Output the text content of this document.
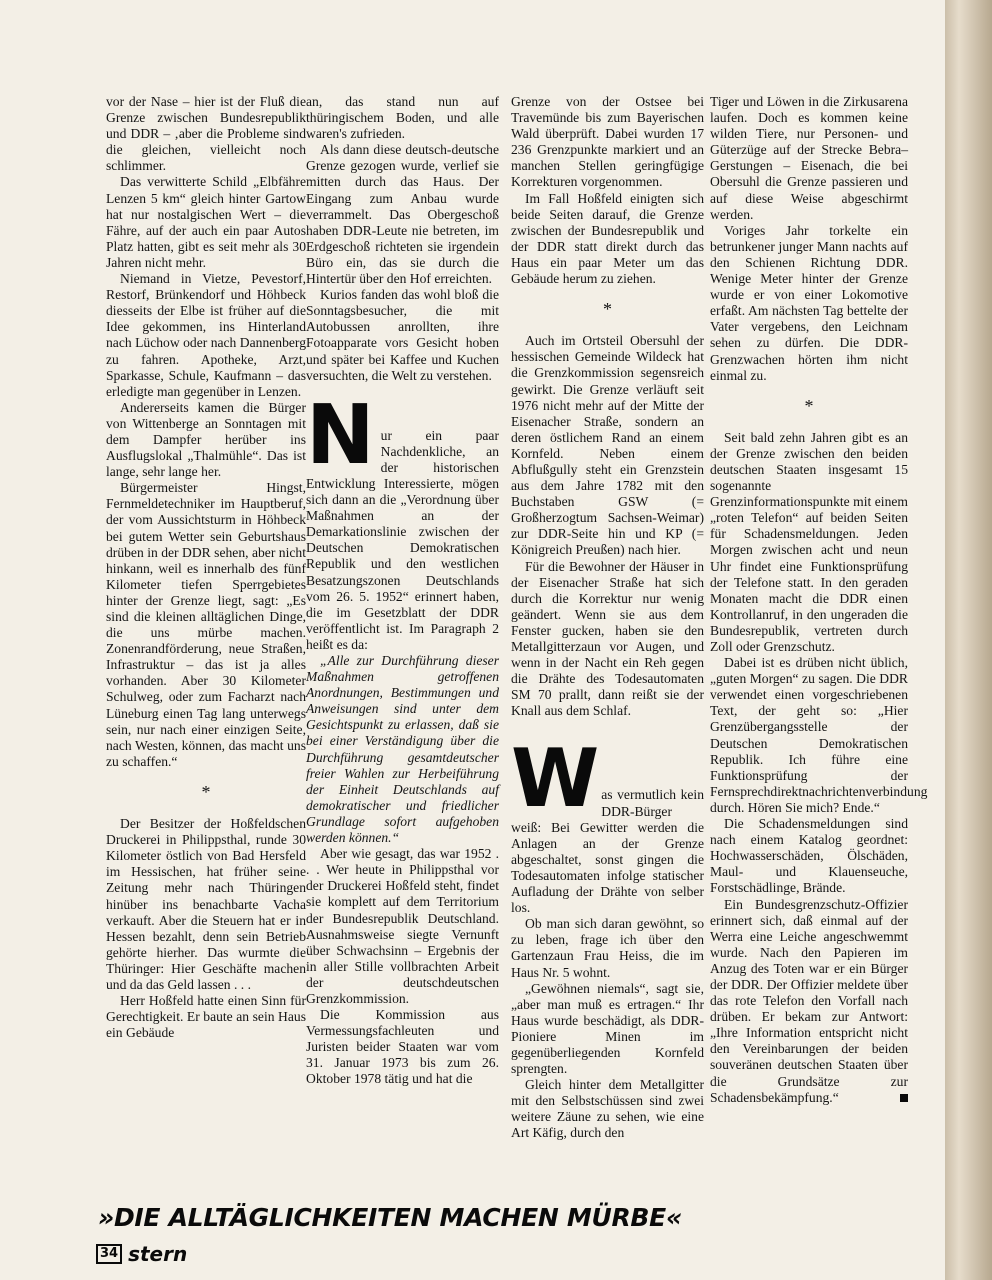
vor der Nase – hier ist der Fluß die Grenze zwischen Bundesrepublik und DDR – ‚aber die Probleme sind die gleichen, vielleicht noch schlimmer.

Das verwitterte Schild „Elbfähre Lenzen 5 km“ gleich hinter Gartow hat nur nostalgischen Wert – die Fähre, auf der auch ein paar Autos Platz hatten, gibt es seit mehr als 30 Jahren nicht mehr.

Niemand in Vietze, Pevestorf, Restorf, Brünkendorf und Höhbeck diesseits der Elbe ist früher auf die Idee gekommen, ins Hinterland nach Lüchow oder nach Dannenberg zu fahren. Apotheke, Arzt, Sparkasse, Schule, Kaufmann – das erledigte man gegenüber in Lenzen.

Andererseits kamen die Bürger von Wittenberge an Sonntagen mit dem Dampfer herüber ins Ausflugslokal „Thalmühle“. Das ist lange, sehr lange her.

Bürgermeister Hingst, Fernmeldetechniker im Hauptberuf, der vom Aussichtsturm in Höhbeck bei gutem Wetter sein Geburtshaus drüben in der DDR sehen, aber nicht hinkann, weil es innerhalb des fünf Kilometer tiefen Sperrgebietes hinter der Grenze liegt, sagt: „Es sind die kleinen alltäglichen Dinge, die uns mürbe machen. Zonenrandförderung, neue Straßen, Infrastruktur – das ist ja alles vorhanden. Aber 30 Kilometer Schulweg, oder zum Facharzt nach Lüneburg einen Tag lang unterwegs sein, nur nach einer einzigen Seite, nach Westen, können, das macht uns zu schaffen.“

*

Der Besitzer der Hoßfeldschen Druckerei in Philippsthal, runde 30 Kilometer östlich von Bad Hersfeld im Hessischen, hat früher seine Zeitung mehr nach Thüringen hinüber ins benachbarte Vacha verkauft. Aber die Steuern hat er in Hessen bezahlt, denn sein Betrieb gehörte hierher. Das wurmte die Thüringer: Hier Geschäfte machen und da das Geld lassen . . .

Herr Hoßfeld hatte einen Sinn für Gerechtigkeit. Er baute an sein Haus ein Gebäude

an, das stand nun auf thüringischem Boden, und alle waren's zufrieden.

Als dann diese deutsch-deutsche Grenze gezogen wurde, verlief sie mitten durch das Haus. Der Eingang zum Anbau wurde verrammelt. Das Obergeschoß haben DDR-Leute nie betreten, im Erdgeschoß richteten sie irgendein Büro ein, das sie durch die Hintertür über den Hof erreichten.

Kurios fanden das wohl bloß die Sonntagsbesucher, die mit Autobussen anrollten, ihre Fotoapparate vors Gesicht hoben und später bei Kaffee und Kuchen versuchten, die Welt zu verstehen.

N ur ein paar Nachdenkliche, an der historischen Entwicklung Interessierte, mögen sich dann an die „Verordnung über Maßnahmen an der Demarkationslinie zwischen der Deutschen Demokratischen Republik und den westlichen Besatzungszonen Deutschlands vom 26. 5. 1952“ erinnert haben, die im Gesetzblatt der DDR veröffentlicht ist. Im Paragraph 2 heißt es da:

„Alle zur Durchführung dieser Maßnahmen getroffenen Anordnungen, Bestimmungen und Anweisungen sind unter dem Gesichtspunkt zu erlassen, daß sie bei einer Verständigung über die Durchführung gesamtdeutscher freier Wahlen zur Herbeiführung der Einheit Deutschlands auf demokratischer und friedlicher Grundlage sofort aufgehoben werden können.“

Aber wie gesagt, das war 1952 . . . Wer heute in Philippsthal vor der Druckerei Hoßfeld steht, findet sie komplett auf dem Territorium der Bundesrepublik Deutschland. Ausnahmsweise siegte Vernunft über Schwachsinn – Ergebnis der in aller Stille vollbrachten Arbeit der deutschdeutschen Grenzkommission.

Die Kommission aus Vermessungsfachleuten und Juristen beider Staaten war vom 31. Januar 1973 bis zum 26. Oktober 1978 tätig und hat die

Grenze von der Ostsee bei Travemünde bis zum Bayerischen Wald überprüft. Dabei wurden 17 236 Grenzpunkte markiert und an manchen Stellen geringfügige Korrekturen vorgenommen.

Im Fall Hoßfeld einigten sich beide Seiten darauf, die Grenze zwischen der Bundesrepublik und der DDR statt direkt durch das Haus ein paar Meter um das Gebäude herum zu ziehen.

*

Auch im Ortsteil Obersuhl der hessischen Gemeinde Wildeck hat die Grenzkommission segensreich gewirkt. Die Grenze verläuft seit 1976 nicht mehr auf der Mitte der Eisenacher Straße, sondern an deren östlichem Rand an einem Kornfeld. Neben einem Abflußgully steht ein Grenzstein aus dem Jahre 1782 mit den Buchstaben GSW (= Großherzogtum Sachsen-Weimar) zur DDR-Seite hin und KP (= Königreich Preußen) nach hier.

Für die Bewohner der Häuser in der Eisenacher Straße hat sich durch die Korrektur nur wenig geändert. Wenn sie aus dem Fenster gucken, haben sie den Metallgitterzaun vor Augen, und wenn in der Nacht ein Reh gegen die Drähte des Todesautomaten SM 70 prallt, dann reißt sie der Knall aus dem Schlaf.

W as vermutlich kein DDR-Bürger weiß: Bei Gewitter werden die Anlagen an der Grenze abgeschaltet, sonst gingen die Todesautomaten infolge statischer Aufladung der Drähte von selber los.

Ob man sich daran gewöhnt, so zu leben, frage ich über den Gartenzaun Frau Heiss, die im Haus Nr. 5 wohnt.

„Gewöhnen niemals“, sagt sie, „aber man muß es ertragen.“ Ihr Haus wurde beschädigt, als DDR-Pioniere Minen im gegenüberliegenden Kornfeld sprengten.

Gleich hinter dem Metallgitter mit den Selbstschüssen sind zwei weitere Zäune zu sehen, wie eine Art Käfig, durch den

Tiger und Löwen in die Zirkusarena laufen. Doch es kommen keine wilden Tiere, nur Personen- und Güterzüge auf der Strecke Bebra–Gerstungen – Eisenach, die bei Obersuhl die Grenze passieren und auf diese Weise abgeschirmt werden.

Voriges Jahr torkelte ein betrunkener junger Mann nachts auf den Schienen Richtung DDR. Wenige Meter hinter der Grenze wurde er von einer Lokomotive erfaßt. Am nächsten Tag bettelte der Vater vergebens, den Leichnam sehen zu dürfen. Die DDR-Grenzwachen hörten ihm nicht einmal zu.

*

Seit bald zehn Jahren gibt es an der Grenze zwischen den beiden deutschen Staaten insgesamt 15 sogenannte Grenzinformationspunkte mit einem „roten Telefon“ auf beiden Seiten für Schadensmeldungen. Jeden Morgen zwischen acht und neun Uhr findet eine Funktionsprüfung der Telefone statt. In den geraden Monaten macht die DDR einen Kontrollanruf, in den ungeraden die Bundesrepublik, vertreten durch Zoll oder Grenzschutz.

Dabei ist es drüben nicht üblich, „guten Morgen“ zu sagen. Die DDR verwendet einen vorgeschriebenen Text, der geht so: „Hier Grenzübergangsstelle der Deutschen Demokratischen Republik. Ich führe eine Funktionsprüfung der Fernsprechdirektnachrichtenverbindung durch. Hören Sie mich? Ende.“

Die Schadensmeldungen sind nach einem Katalog geordnet: Hochwasserschäden, Ölschäden, Maul- und Klauenseuche, Forstschädlinge, Brände.

Ein Bundesgrenzschutz-Offizier erinnert sich, daß einmal auf der Werra eine Leiche angeschwemmt wurde. Nach den Papieren im Anzug des Toten war er ein Bürger der DDR. Der Offizier meldete über das rote Telefon den Vorfall nach drüben. Er bekam zur Antwort: „Ihre Information entspricht nicht den Vereinbarungen der beiden souveränen deutschen Staaten über die Grundsätze zur Schadensbekämpfung.“

»DIE ALLTÄGLICHKEITEN MACHEN MÜRBE«
34 stern
